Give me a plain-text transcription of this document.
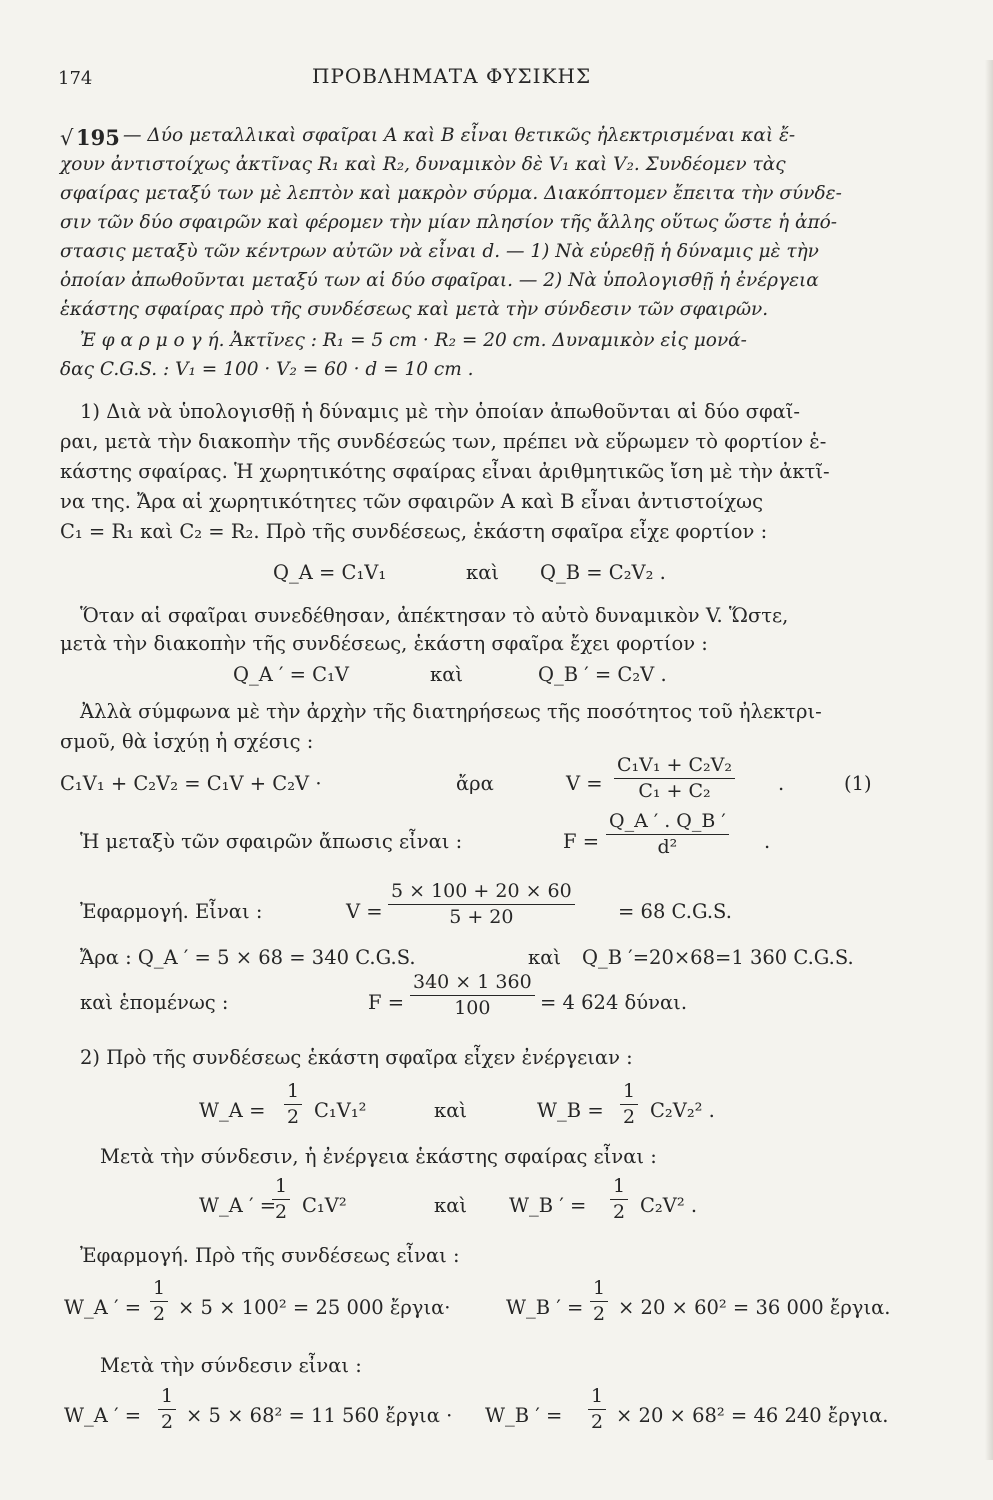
174	ΠΡΟΒΛΗΜΑΤΑ ΦΥΣΙΚΗΣ
√ 195 — Δύο μεταλλικαὶ σφαῖραι A καὶ B εἶναι θετικῶς ἠλεκτρισμέναι καὶ ἔ-
χουν ἀντιστοίχως ἀκτῖνας R₁ καὶ R₂, δυναμικὸν δὲ V₁ καὶ V₂. Συνδέομεν τὰς
σφαίρας μεταξύ των μὲ λεπτὸν καὶ μακρὸν σύρμα. Διακόπτομεν ἔπειτα τὴν σύνδε-
σιν τῶν δύο σφαιρῶν καὶ φέρομεν τὴν μίαν πλησίον τῆς ἄλλης οὕτως ὥστε ἡ ἀπό-
στασις μεταξὺ τῶν κέντρων αὐτῶν νὰ εἶναι d. — 1) Νὰ εὑρεθῇ ἡ δύναμις μὲ τὴν
ὁποίαν ἀπωθοῦνται μεταξύ των αἱ δύο σφαῖραι. — 2) Νὰ ὑπολογισθῇ ἡ ἐνέργεια
ἑκάστης σφαίρας πρὸ τῆς συνδέσεως καὶ μετὰ τὴν σύνδεσιν τῶν σφαιρῶν.
Ἐ φ α ρ μ ο γ ή. Ἀκτῖνες : R₁ = 5 cm · R₂ = 20 cm. Δυναμικὸν εἰς μονά-
δας C.G.S. : V₁ = 100 · V₂ = 60 · d = 10 cm .
1) Διὰ νὰ ὑπολογισθῇ ἡ δύναμις μὲ τὴν ὁποίαν ἀπωθοῦνται αἱ δύο σφαῖ-
ραι, μετὰ τὴν διακοπὴν τῆς συνδέσεώς των, πρέπει νὰ εὕρωμεν τὸ φορτίον ἑ-
κάστης σφαίρας. Ἡ χωρητικότης σφαίρας εἶναι ἀριθμητικῶς ἴση μὲ τὴν ἀκτῖ-
να της. Ἄρα αἱ χωρητικότητες τῶν σφαιρῶν A καὶ B εἶναι ἀντιστοίχως
C₁ = R₁ καὶ C₂ = R₂. Πρὸ τῆς συνδέσεως, ἑκάστη σφαῖρα εἶχε φορτίον :
Q_A = C₁V₁	καὶ Q_B = C₂V₂ .
Ὅταν αἱ σφαῖραι συνεδέθησαν, ἀπέκτησαν τὸ αὐτὸ δυναμικὸν V. Ὥστε,
μετὰ τὴν διακοπὴν τῆς συνδέσεως, ἑκάστη σφαῖρα ἔχει φορτίον :
Q_A ′ = C₁V	καὶ	Q_B ′ = C₂V .
Ἀλλὰ σύμφωνα μὲ τὴν ἀρχὴν τῆς διατηρήσεως τῆς ποσότητος τοῦ ἠλεκτρι-
σμοῦ, θὰ ἰσχύῃ ἡ σχέσις :
C₁V₁ + C₂V₂ = C₁V + C₂V ·	ἄρα	V =
C₁V₁ + C₂V₂
C₁ + C₂	.	(1)
Ἡ μεταξὺ τῶν σφαιρῶν ἄπωσις εἶναι :	F =
Q_A ′ . Q_B ′
d²	.
Ἐφαρμογή. Εἶναι :	V =
5 × 100 + 20 × 60
5 + 20	= 68 C.G.S.
Ἄρα : Q_A ′ = 5 × 68 = 340 C.G.S.	καὶ Q_B ′=20×68=1 360 C.G.S.
καὶ ἑπομένως :	F =
340 × 1 360
100	= 4 624 δύναι.
2) Πρὸ τῆς συνδέσεως ἑκάστη σφαῖρα εἶχεν ἐνέργειαν :
W_A =
1
2 C₁V₁²	καὶ	W_B =
1
2 C₂V₂² .
Μετὰ τὴν σύνδεσιν, ἡ ἐνέργεια ἑκάστης σφαίρας εἶναι :
W_A ′ =
1
2 C₁V²	καὶ W_B ′ =
1
2 C₂V² .
Ἐφαρμογή. Πρὸ τῆς συνδέσεως εἶναι :
W_A ′ =
1
2 × 5 × 100² = 25 000 ἔργια·	W_B ′ =
1
2 × 20 × 60² = 36 000 ἔργια.
Μετὰ τὴν σύνδεσιν εἶναι :
W_A ′ =
1
2 × 5 × 68² = 11 560 ἔργια · W_B ′ =
1
2 × 20 × 68² = 46 240 ἔργια.
